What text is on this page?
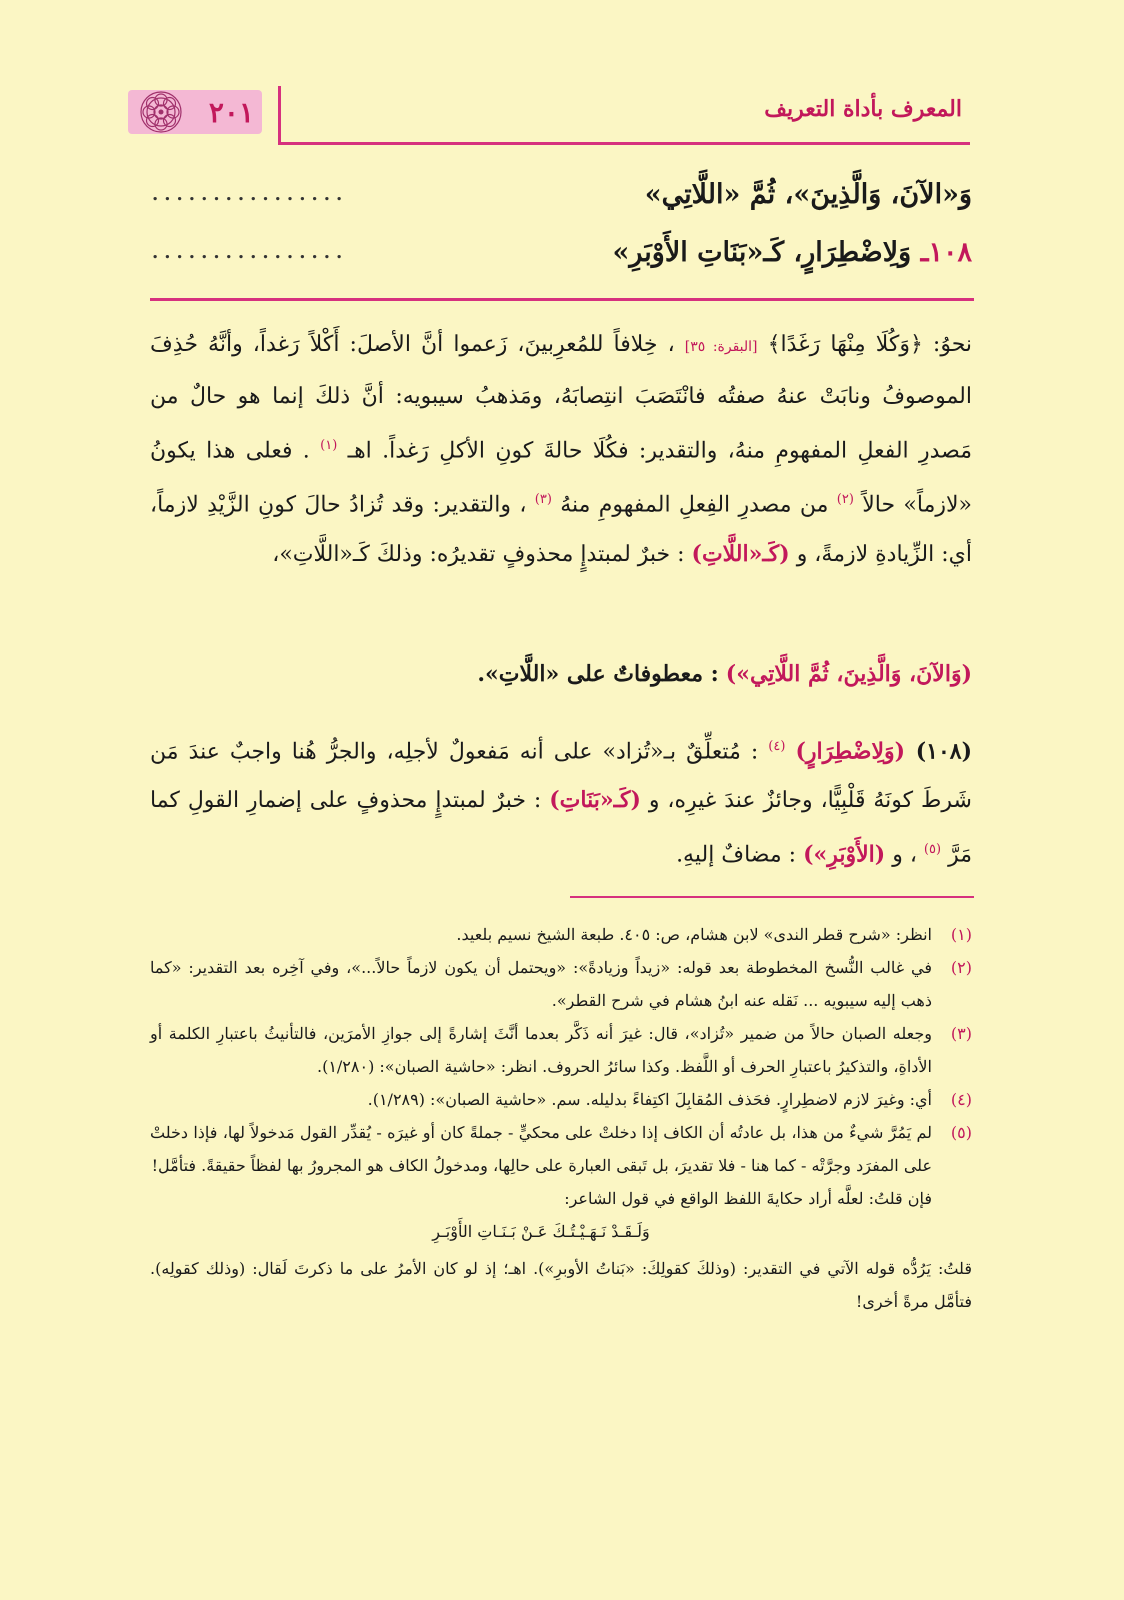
المعرف بأداة التعريف
٢٠١
وَ«الآنَ، وَالَّذِينَ»، ثُمَّ «اللَّاتِي»
................
١٠٨ـ وَلِاضْطِرَارٍ، كَـ«بَنَاتِ الأَوْبَرِ»
................
نحوُ: ﴿وَكُلَا مِنْهَا رَغَدًا﴾ [البقرة: ٣٥] ، خِلافاً للمُعرِبينَ، زَعموا أنَّ الأصلَ: أَكْلاً رَغداً، وأنَّهُ حُذِفَ الموصوفُ ونابَتْ عنهُ صفتُه فانْتَصَبَ انتِصابَهُ، ومَذهبُ سيبويه: أنَّ ذلكَ إنما هو حالٌ من مَصدرِ الفعلِ المفهومِ منهُ، والتقدير: فكُلَا حالةَ كونِ الأكلِ رَغداً. اهـ $^{(١)}$ . فعلى هذا يكونُ «لازماً» حالاً $^{(٢)}$ من مصدرِ الفِعلِ المفهومِ منهُ $^{(٣)}$ ، والتقدير: وقد تُزادُ حالَ كونِ الزَّيْدِ لازماً، أي: الزِّيادةِ لازمةً، و (كَـ«اللَّاتِ) : خبرٌ لمبتدإٍ محذوفٍ تقديرُه: وذلكَ كَـ«اللَّاتِ»،
(وَالآنَ، وَالَّذِينَ، ثُمَّ اللَّاتِي») : معطوفاتٌ على «اللَّاتِ».
(١٠٨) (وَلِاضْطِرَارٍ) $^{(٤)}$ : مُتعلِّقٌ بـ«تُزاد» على أنه مَفعولٌ لأجلِه، والجرُّ هُنا واجبٌ عندَ مَن شَرطَ كونَهُ قَلْبِيًّا، وجائزٌ عندَ غيرِه، و (كَـ«بَنَاتِ) : خبرٌ لمبتدإٍ محذوفٍ على إضمارِ القولِ كما مَرَّ $^{(٥)}$ ، و (الأَوْبَرِ») : مضافٌ إليهِ.
(١)
انظر: «شرح قطر الندى» لابن هشام، ص: ٤٠٥. طبعة الشيخ نسيم بلعيد.
(٢)
في غالب النُّسخ المخطوطة بعد قوله: «زيداً وزيادةً»: «ويحتمل أن يكون لازماً حالاً...»، وفي آخِره بعد التقدير: «كما ذهب إليه سيبويه ... نَقله عنه ابنُ هشام في شرح القطر».
(٣)
وجعله الصبان حالاً من ضمير «تُزاد»، قال: غيرَ أنه ذَكَّر بعدما أنَّثَ إشارةً إلى جوازِ الأمرَين، فالتأنيثُ باعتبارِ الكلمة أو الأداةِ، والتذكيرُ باعتبارِ الحرف أو اللَّفظ. وكذا سائرُ الحروف. انظر: «حاشية الصبان»: (١/٢٨٠).
(٤)
أي: وغيرَ لازم لاضطِرارٍ. فحَذف المُقابِلَ اكتِفاءً بدليله. سم. «حاشية الصبان»: (١/٢٨٩).
(٥)
لم يَمُرَّ شيءٌ من هذا، بل عادتُه أن الكاف إذا دخلتْ على محكيٍّ - جملةً كان أو غيرَه - يُقدِّر القول مَدخولاً لها، فإذا دخلتْ على المفرَد وجرَّتْه - كما هنا - فلا تقديرَ، بل تَبقى العبارة على حالِها، ومدخولُ الكاف هو المجرورُ بها لفظاً حقيقةً. فتأمَّل!
فإن قلتُ: لعلَّه أراد حكايةَ اللفظ الواقع في قول الشاعر:
وَلَـقَـدْ نَـهَـيْـتُـكَ عَـنْ بَـنَـاتِ الأَوْبَـرِ
قلتُ: يَرُدُّه قوله الآتي في التقدير: (وذلكَ كقولِكَ: «بَناتُ الأوبرِ»). اهـ؛ إذ لو كان الأمرُ على ما ذكرتَ لَقال: (وذلك كقولِه). فتأمَّل مرةً أخرى!
